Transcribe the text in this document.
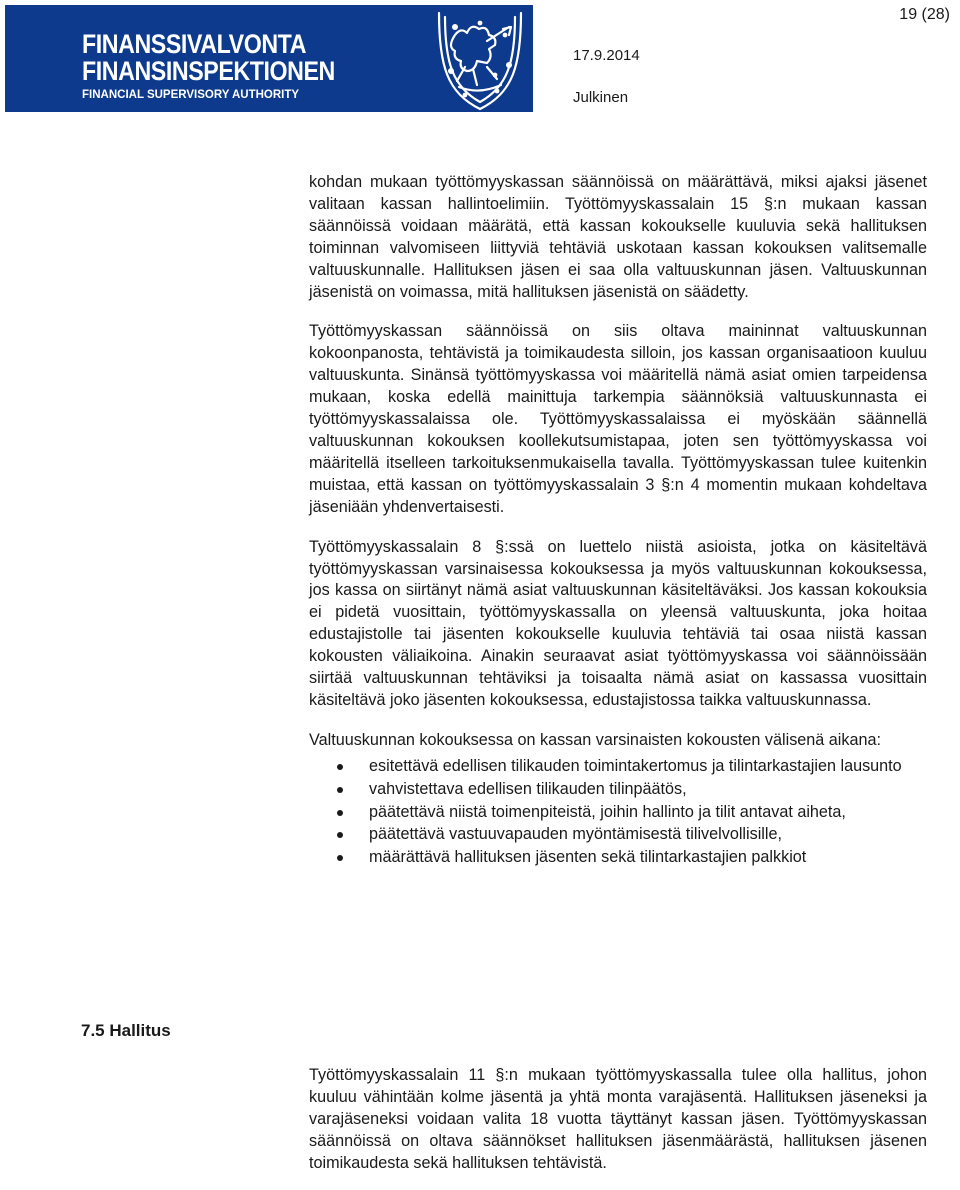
FINANSSIVALVONTA
FINANSINSPEKTIONEN
FINANCIAL SUPERVISORY AUTHORITY
19 (28)
17.9.2014
Julkinen

kohdan mukaan työttömyyskassan säännöissä on määrättävä, miksi ajaksi jäsenet valitaan kassan hallintoelimiin. Työttömyyskassalain 15 §:n mukaan kassan säännöissä voidaan määrätä, että kassan kokoukselle kuuluvia sekä hallituksen toiminnan valvomiseen liittyviä tehtäviä uskotaan kassan kokouksen valitsemalle valtuuskunnalle. Hallituksen jäsen ei saa olla valtuuskunnan jäsen. Valtuuskunnan jäsenistä on voimassa, mitä hallituksen jäsenistä on säädetty.

Työttömyyskassan säännöissä on siis oltava maininnat valtuuskunnan kokoonpanosta, tehtävistä ja toimikaudesta silloin, jos kassan organisaatioon kuuluu valtuuskunta. Sinänsä työttömyyskassa voi määritellä nämä asiat omien tarpeidensa mukaan, koska edellä mainittuja tarkempia säännöksiä valtuuskunnasta ei työttömyyskassalaissa ole. Työttömyyskassalaissa ei myöskään säännellä valtuuskunnan kokouksen koollekutsumistapaa, joten sen työttömyyskassa voi määritellä itselleen tarkoituksenmukaisella tavalla. Työttömyyskassan tulee kuitenkin muistaa, että kassan on työttömyyskassalain 3 §:n 4 momentin mukaan kohdeltava jäseniään yhdenvertaisesti.

Työttömyyskassalain 8 §:ssä on luettelo niistä asioista, jotka on käsiteltävä työttömyyskassan varsinaisessa kokouksessa ja myös valtuuskunnan kokouksessa, jos kassa on siirtänyt nämä asiat valtuuskunnan käsiteltäväksi. Jos kassan kokouksia ei pidetä vuosittain, työttömyyskassalla on yleensä valtuuskunta, joka hoitaa edustajistolle tai jäsenten kokoukselle kuuluvia tehtäviä tai osaa niistä kassan kokousten väliaikoina. Ainakin seuraavat asiat työttömyyskassa voi säännöissään siirtää valtuuskunnan tehtäviksi ja toisaalta nämä asiat on kassassa vuosittain käsiteltävä joko jäsenten kokouksessa, edustajistossa taikka valtuuskunnassa.

Valtuuskunnan kokouksessa on kassan varsinaisten kokousten välisenä aikana:

esitettävä edellisen tilikauden toimintakertomus ja tilintarkastajien lausunto
vahvistettava edellisen tilikauden tilinpäätös,
päätettävä niistä toimenpiteistä, joihin hallinto ja tilit antavat aiheta,
päätettävä vastuuvapauden myöntämisestä tilivelvollisille,
määrättävä hallituksen jäsenten sekä tilintarkastajien palkkiot
7.5 Hallitus

Työttömyyskassalain 11 §:n mukaan työttömyyskassalla tulee olla hallitus, johon kuuluu vähintään kolme jäsentä ja yhtä monta varajäsentä. Hallituksen jäseneksi ja varajäseneksi voidaan valita 18 vuotta täyttänyt kassan jäsen. Työttömyyskassan säännöissä on oltava säännökset hallituksen jäsenmäärästä, hallituksen jäsenen toimikaudesta sekä hallituksen tehtävistä.
